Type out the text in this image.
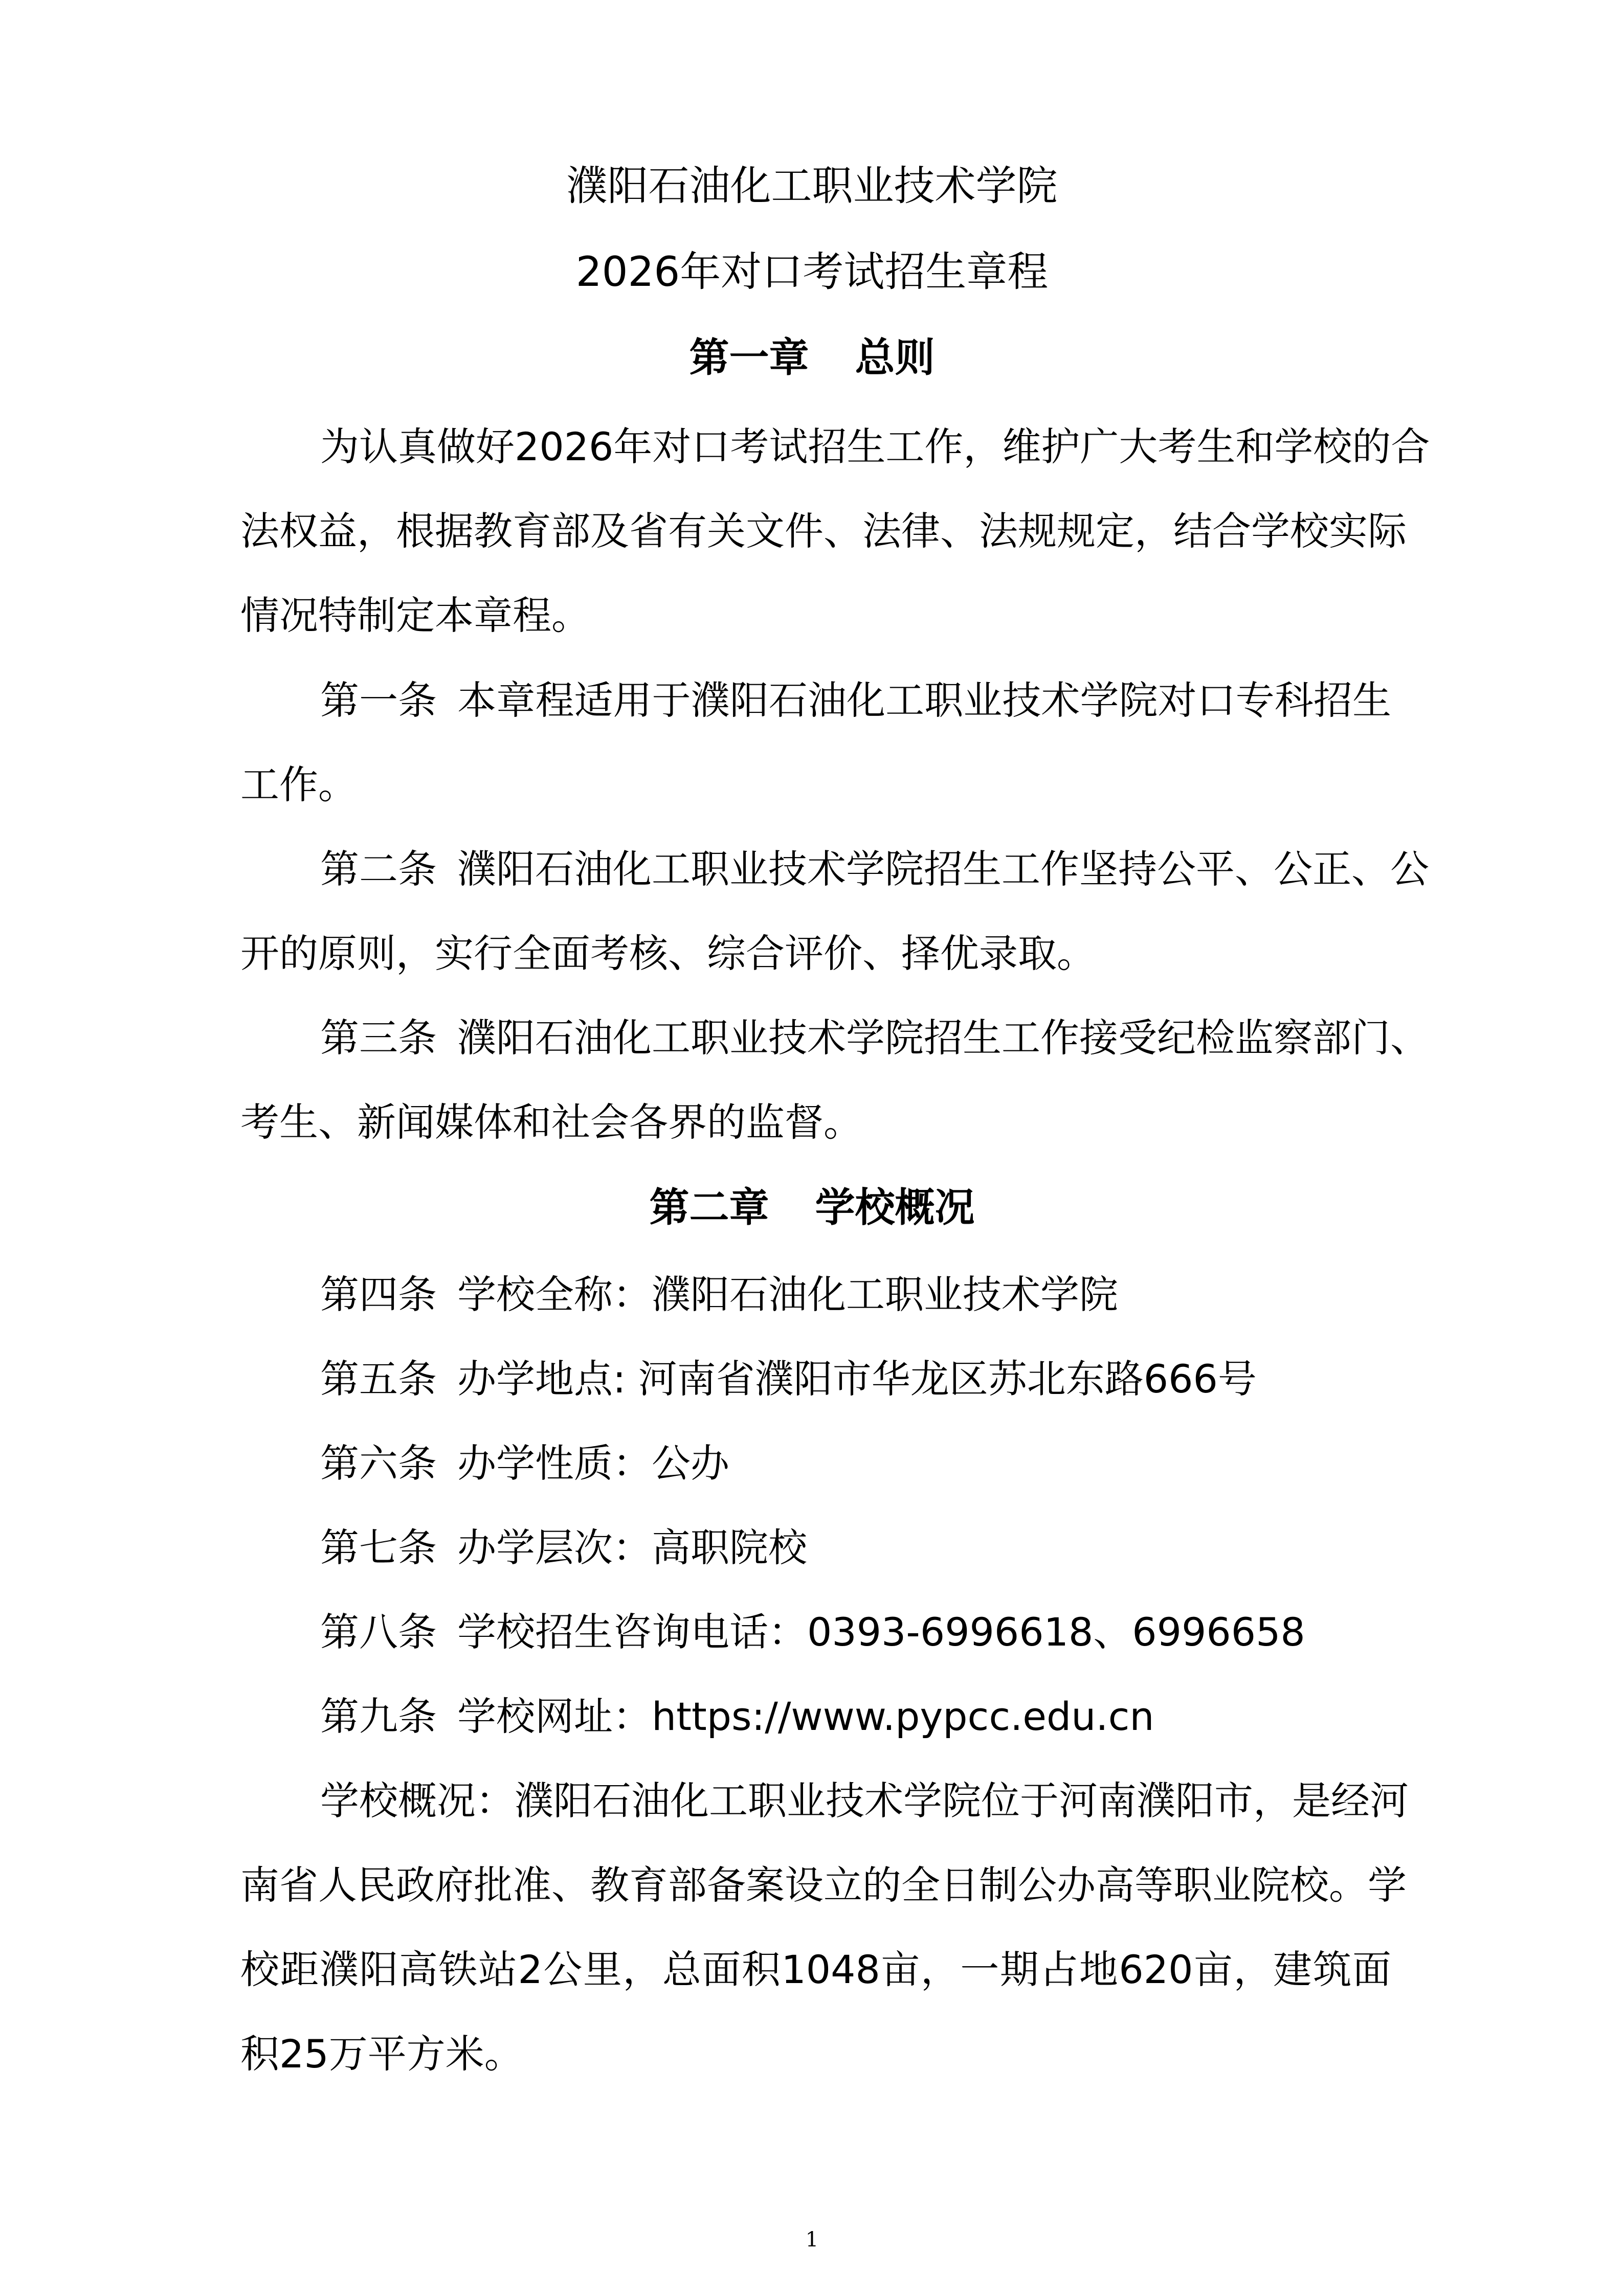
濮阳石油化工职业技术学院
2026年对口考试招生章程
第一章 总则
为认真做好2026年对口考试招生工作，维护广大考生和学校的合
法权益，根据教育部及省有关文件、法律、法规规定，结合学校实际
情况特制定本章程。
第一条 本章程适用于濮阳石油化工职业技术学院对口专科招生
工作。
第二条 濮阳石油化工职业技术学院招生工作坚持公平、公正、公
开的原则，实行全面考核、综合评价、择优录取。
第三条 濮阳石油化工职业技术学院招生工作接受纪检监察部门、
考生、新闻媒体和社会各界的监督。
第二章 学校概况
第四条 学校全称：濮阳石油化工职业技术学院
第五条 办学地点: 河南省濮阳市华龙区苏北东路666号
第六条 办学性质：公办
第七条 办学层次：高职院校
第八条 学校招生咨询电话：0393-6996618、6996658
第九条 学校网址：https://www.pypcc.edu.cn
学校概况：濮阳石油化工职业技术学院位于河南濮阳市，是经河
南省人民政府批准、教育部备案设立的全日制公办高等职业院校。学
校距濮阳高铁站2公里，总面积1048亩，一期占地620亩，建筑面
积25万平方米。
1
